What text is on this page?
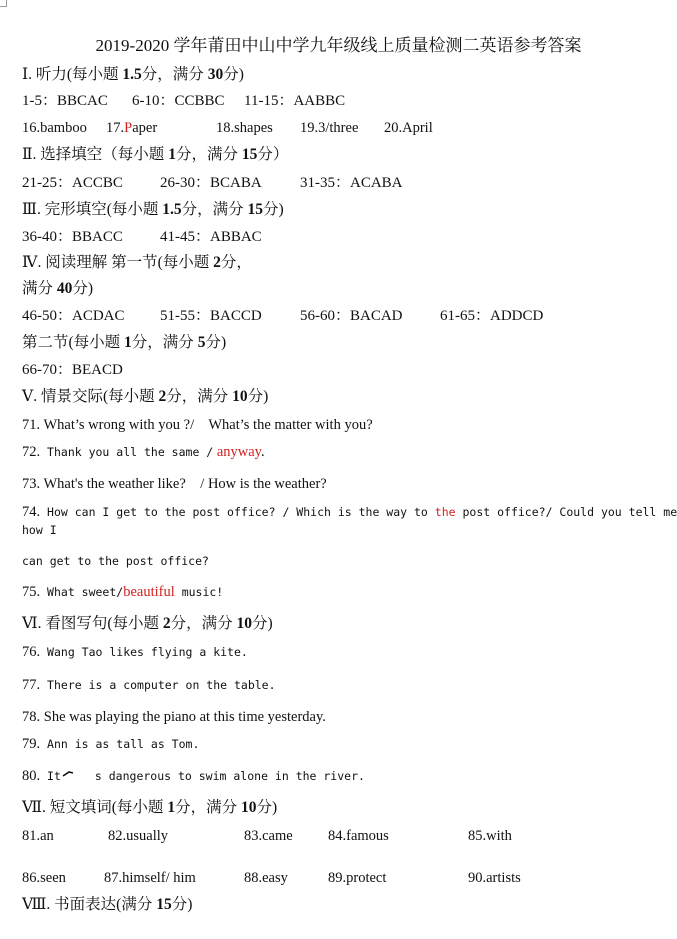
2019-2020 学年莆田中山中学九年级线上质量检测二英语参考答案
Ⅰ. 听力(每小题 1.5分，满分 30分)
1-5：BBCAC 6-10：CCBBC 11-15：AABBC
16.bamboo 17.Paper	18.shapes 19.3/three 20.April
Ⅱ. 选择填空（每小题 1分，满分 15分）
21-25：ACCBC 26-30：BCABA	31-35：ACABA
Ⅲ. 完形填空(每小题 1.5分，满分 15分)
36-40：BBACC 41-45：ABBAC
Ⅳ. 阅读理解 第一节(每小题 2分，
满分 40分)
46-50：ACDAC 51-55：BACCD	56-60：BACAD 61-65：ADDCD
第二节(每小题 1分，满分 5分)
66-70：BEACD
Ⅴ. 情景交际(每小题 2分，满分 10分)
71. What’s wrong with you ?/    What’s the matter with you?
72. Thank you all the same / anyway.
73. What's the weather like?    / How is the weather?
74. How can I get to the post office? / Which is the way to the post office?/ Could you tell me
how I
can get to the post office?
75. What sweet/beautiful music!
Ⅵ. 看图写句(每小题 2分，满分 10分)
76. Wang Tao likes flying a kite.
77. There is a computer on the table.
78. She was playing the piano at this time yesterday.
79. Ann is as tall as Tom.
80. It	s dangerous to swim alone in the river.
Ⅶ. 短文填词(每小题 1分，满分 10分)
81.an	82.usually	83.came 84.famous	85.with
86.seen	87.himself/ him	88.easy	89.protect	90.artists
Ⅷ. 书面表达(满分 15分)
